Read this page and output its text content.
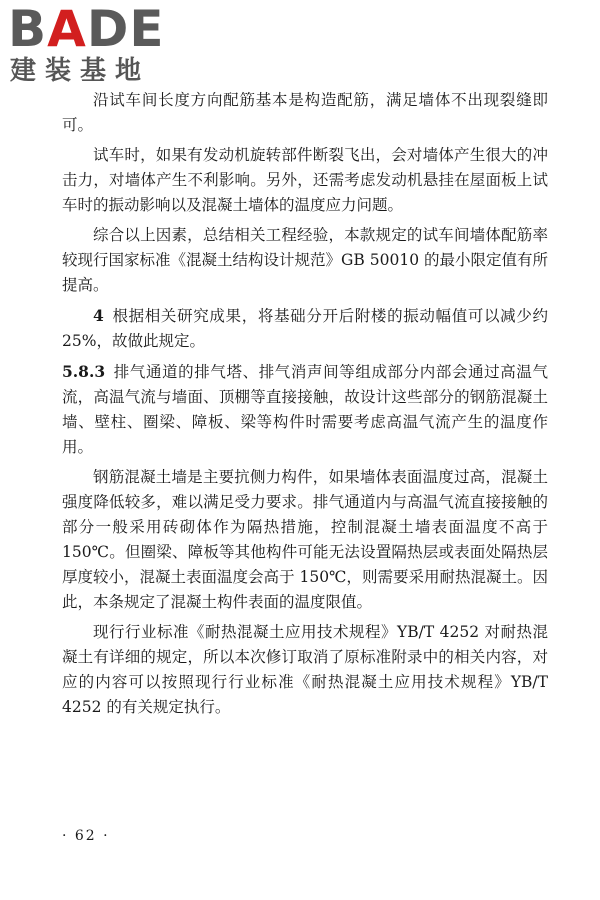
BADE
建装基地

沿试车间长度方向配筋基本是构造配筋，满足墙体不出现裂缝即可。

试车时，如果有发动机旋转部件断裂飞出，会对墙体产生很大的冲击力，对墙体产生不利影响。另外，还需考虑发动机悬挂在屋面板上试车时的振动影响以及混凝土墙体的温度应力问题。

综合以上因素，总结相关工程经验，本款规定的试车间墙体配筋率较现行国家标准《混凝土结构设计规范》GB 50010 的最小限定值有所提高。

4 根据相关研究成果，将基础分开后附楼的振动幅值可以减少约 25%，故做此规定。

5.8.3 排气通道的排气塔、排气消声间等组成部分内部会通过高温气流，高温气流与墙面、顶棚等直接接触，故设计这些部分的钢筋混凝土墙、壁柱、圈梁、障板、梁等构件时需要考虑高温气流产生的温度作用。

钢筋混凝土墙是主要抗侧力构件，如果墙体表面温度过高，混凝土强度降低较多，难以满足受力要求。排气通道内与高温气流直接接触的部分一般采用砖砌体作为隔热措施，控制混凝土墙表面温度不高于 150℃。但圈梁、障板等其他构件可能无法设置隔热层或表面处隔热层厚度较小，混凝土表面温度会高于 150℃，则需要采用耐热混凝土。因此，本条规定了混凝土构件表面的温度限值。

现行行业标准《耐热混凝土应用技术规程》YB/T 4252 对耐热混凝土有详细的规定，所以本次修订取消了原标准附录中的相关内容，对应的内容可以按照现行行业标准《耐热混凝土应用技术规程》YB/T 4252 的有关规定执行。

· 62 ·
